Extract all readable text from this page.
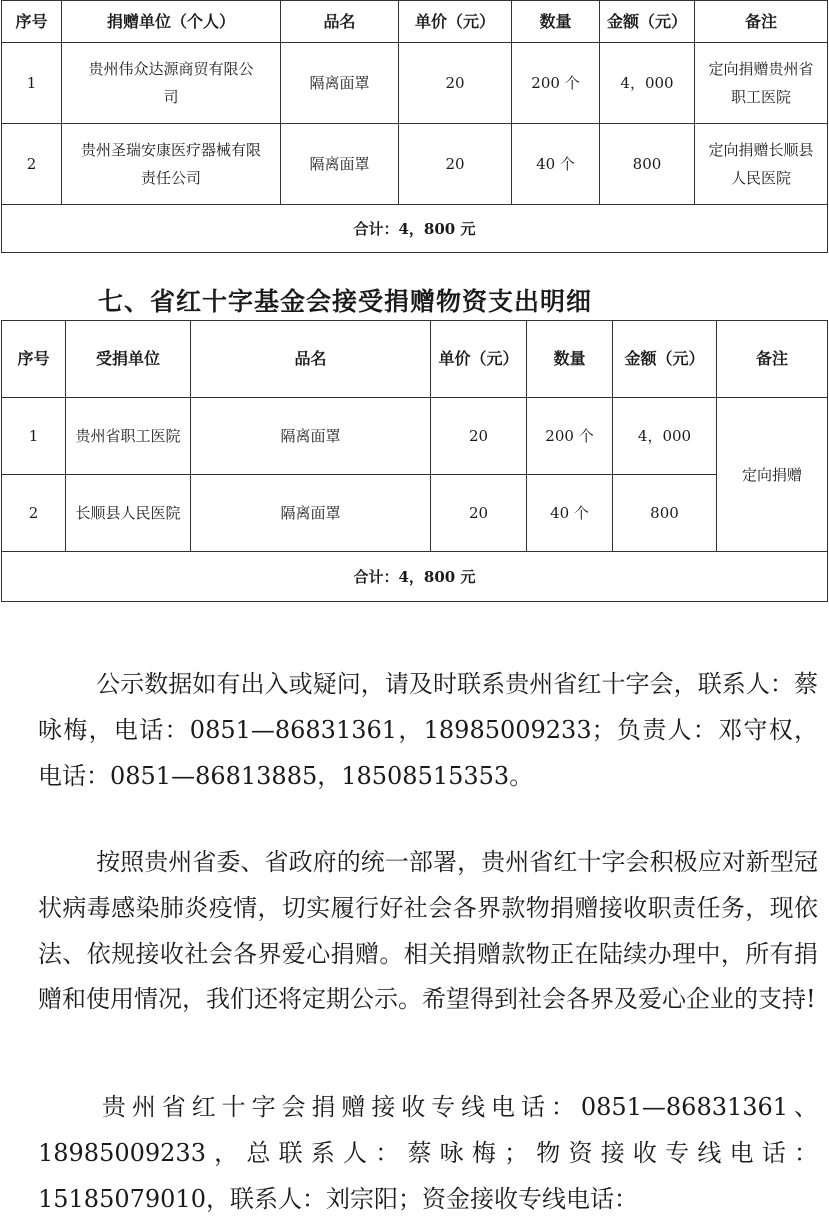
序号	捐赠单位（个人）	品名	单价（元）	数量	金额（元）	备注
1	贵州伟众达源商贸有限公司	隔离面罩	20	200 个	4，000	定向捐赠贵州省职工医院
2	贵州圣瑞安康医疗器械有限责任公司	隔离面罩	20	40 个	800	定向捐赠长顺县人民医院
合计：4，800 元						
七、省红十字基金会接受捐赠物资支出明细
序号	受捐单位	品名	单价（元）	数量	金额（元）	备注
1	贵州省职工医院	隔离面罩	20	200 个	4，000	定向捐赠
2	长顺县人民医院	隔离面罩	20	40 个	800	
合计：4，800 元						
公示数据如有出入或疑问，请及时联系贵州省红十字会，联系人：蔡咏梅，电话：0851—86831361，18985009233；负责人：邓守权，电话：0851—86813885，18508515353。
按照贵州省委、省政府的统一部署，贵州省红十字会积极应对新型冠状病毒感染肺炎疫情，切实履行好社会各界款物捐赠接收职责任务，现依法、依规接收社会各界爱心捐赠。相关捐赠款物正在陆续办理中，所有捐赠和使用情况，我们还将定期公示。希望得到社会各界及爱心企业的支持!
贵州省红十字会捐赠接收专线电话：0851—86831361、18985009233，总联系人：蔡咏梅；物资接收专线电话：15185079010，联系人：刘宗阳；资金接收专线电话：
